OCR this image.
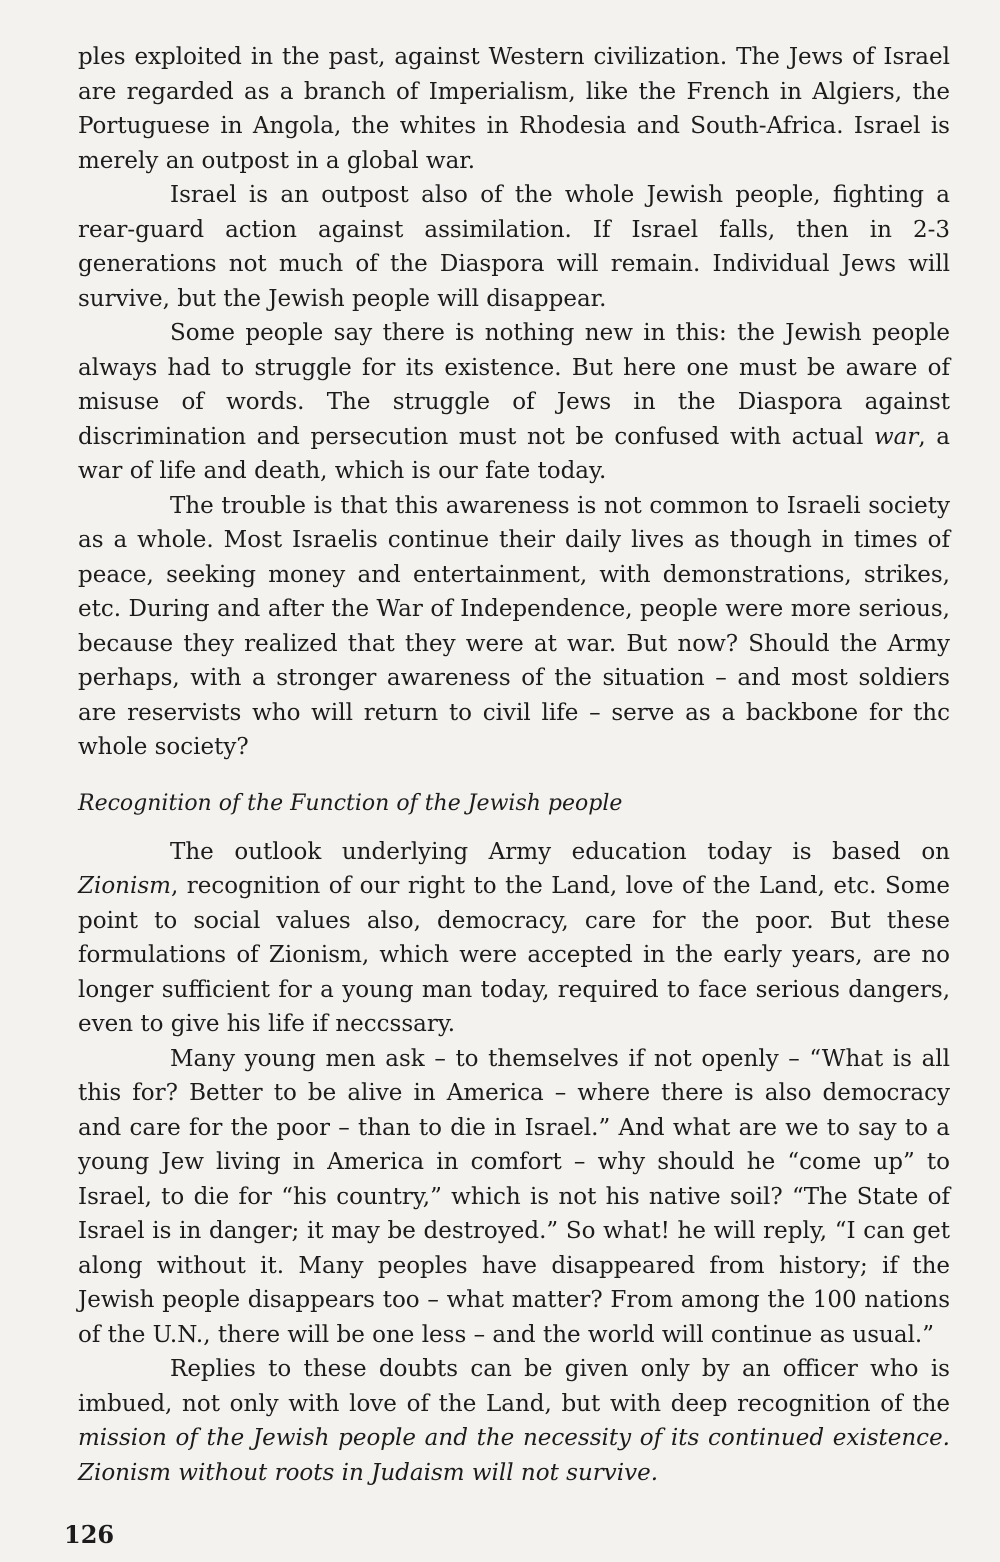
ples exploited in the past, against Western civilization. The Jews of Israel are regarded as a branch of Imperialism, like the French in Algiers, the Portuguese in Angola, the whites in Rhodesia and South-Africa. Israel is merely an outpost in a global war.

Israel is an outpost also of the whole Jewish people, fighting a rear-guard action against assimilation. If Israel falls, then in 2-3 generations not much of the Diaspora will remain. Individual Jews will survive, but the Jewish people will disappear.

Some people say there is nothing new in this: the Jewish people always had to struggle for its existence. But here one must be aware of misuse of words. The struggle of Jews in the Diaspora against discrimination and persecution must not be confused with actual war, a war of life and death, which is our fate today.

The trouble is that this awareness is not common to Israeli society as a whole. Most Israelis continue their daily lives as though in times of peace, seeking money and entertainment, with demonstrations, strikes, etc. During and after the War of Independence, people were more serious, because they realized that they were at war. But now? Should the Army perhaps, with a stronger awareness of the situation – and most soldiers are reservists who will return to civil life – serve as a backbone for thc whole society?

Recognition of the Function of the Jewish people

The outlook underlying Army education today is based on Zionism, recognition of our right to the Land, love of the Land, etc. Some point to social values also, democracy, care for the poor. But these formulations of Zionism, which were accepted in the early years, are no longer sufficient for a young man today, required to face serious dangers, even to give his life if neccssary.

Many young men ask – to themselves if not openly – “What is all this for? Better to be alive in America – where there is also democracy and care for the poor – than to die in Israel.” And what are we to say to a young Jew living in America in comfort – why should he “come up” to Israel, to die for “his country,” which is not his native soil? “The State of Israel is in danger; it may be destroyed.” So what! he will reply, “I can get along without it. Many peoples have disappeared from history; if the Jewish people disappears too – what matter? From among the 100 nations of the U.N., there will be one less – and the world will continue as usual.”

Replies to these doubts can be given only by an officer who is imbued, not only with love of the Land, but with deep recognition of the mission of the Jewish people and the necessity of its continued existence. Zionism without roots in Judaism will not survive.

126
